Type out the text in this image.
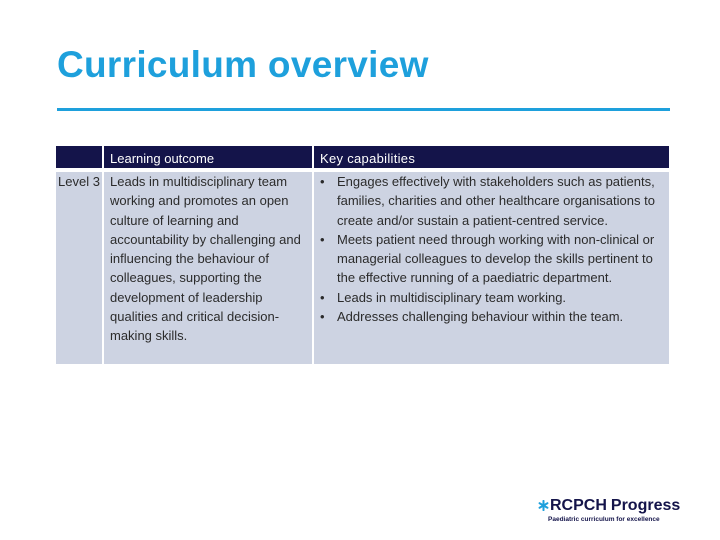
Curriculum overview
Learning outcome	Key capabilities
Level 3 Leads in multidisciplinary team working and promotes an open culture of learning and accountability by challenging and influencing the behaviour of colleagues, supporting the development of leadership qualities and critical decision-making skills.
• Engages effectively with stakeholders such as patients, families, charities and other healthcare organisations to create and/or sustain a patient-centred service.
• Meets patient need through working with non-clinical or managerial colleagues to develop the skills pertinent to the effective running of a paediatric department.
• Leads in multidisciplinary team working.
• Addresses challenging behaviour within the team.
RCPCH Progress
Paediatric curriculum for excellence
